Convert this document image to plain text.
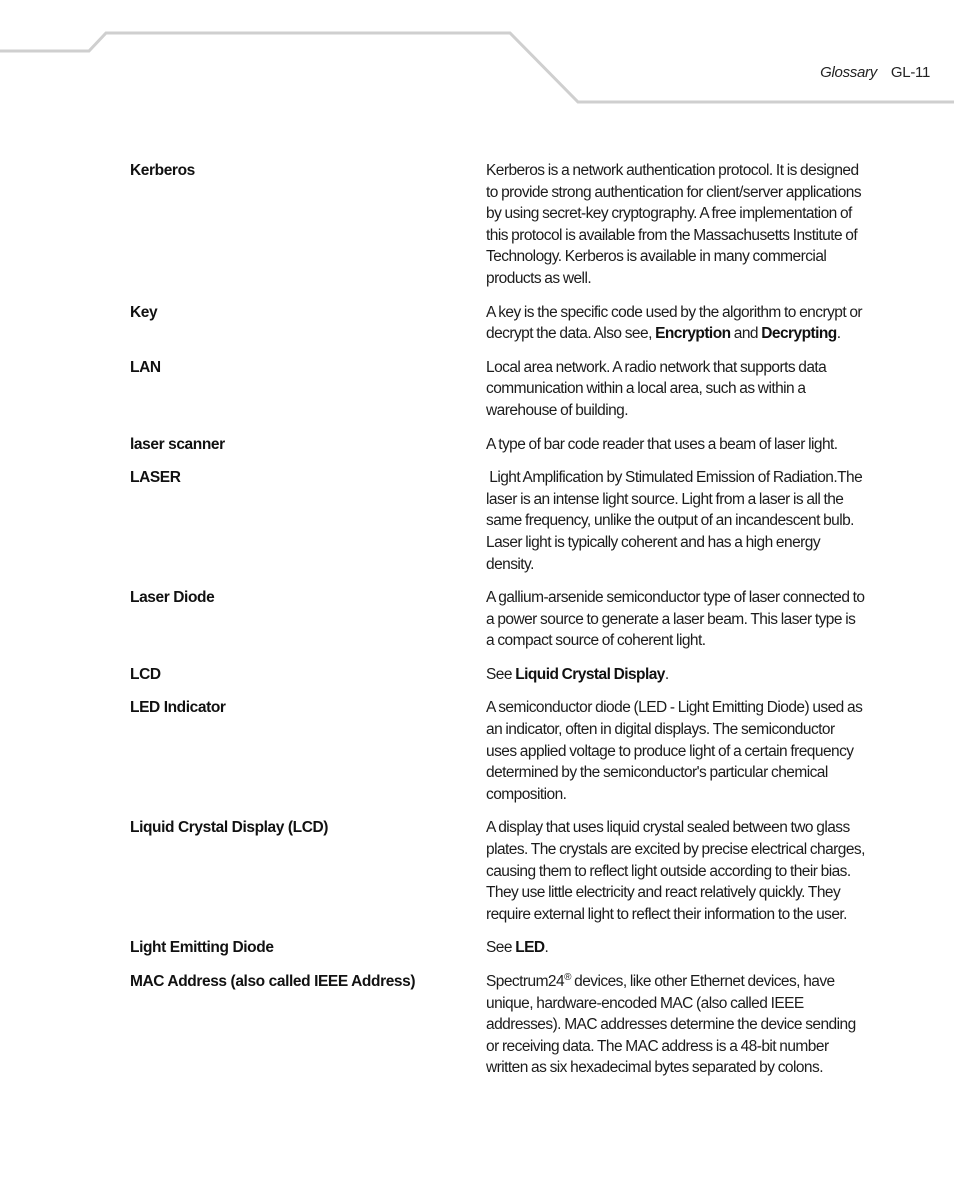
Glossary GL-11
Kerberos	Kerberos is a network authentication protocol. It is designed to provide strong authentication for client/server applications by using secret-key cryptography. A free implementation of this protocol is available from the Massachusetts Institute of Technology. Kerberos is available in many commercial products as well.
Key	A key is the specific code used by the algorithm to encrypt or decrypt the data. Also see, Encryption and Decrypting.
LAN	Local area network. A radio network that supports data communication within a local area, such as within a warehouse of building.
laser scanner	A type of bar code reader that uses a beam of laser light.
LASER	Light Amplification by Stimulated Emission of Radiation.The laser is an intense light source. Light from a laser is all the same frequency, unlike the output of an incandescent bulb. Laser light is typically coherent and has a high energy density.
Laser Diode	A gallium-arsenide semiconductor type of laser connected to a power source to generate a laser beam. This laser type is a compact source of coherent light.
LCD	See Liquid Crystal Display.
LED Indicator	A semiconductor diode (LED - Light Emitting Diode) used as an indicator, often in digital displays. The semiconductor uses applied voltage to produce light of a certain frequency determined by the semiconductor's particular chemical composition.
Liquid Crystal Display (LCD)	A display that uses liquid crystal sealed between two glass plates. The crystals are excited by precise electrical charges, causing them to reflect light outside according to their bias. They use little electricity and react relatively quickly. They require external light to reflect their information to the user.
Light Emitting Diode	See LED.
MAC Address (also called IEEE Address)	Spectrum24® devices, like other Ethernet devices, have unique, hardware-encoded MAC (also called IEEE addresses). MAC addresses determine the device sending or receiving data. The MAC address is a 48-bit number written as six hexadecimal bytes separated by colons.
